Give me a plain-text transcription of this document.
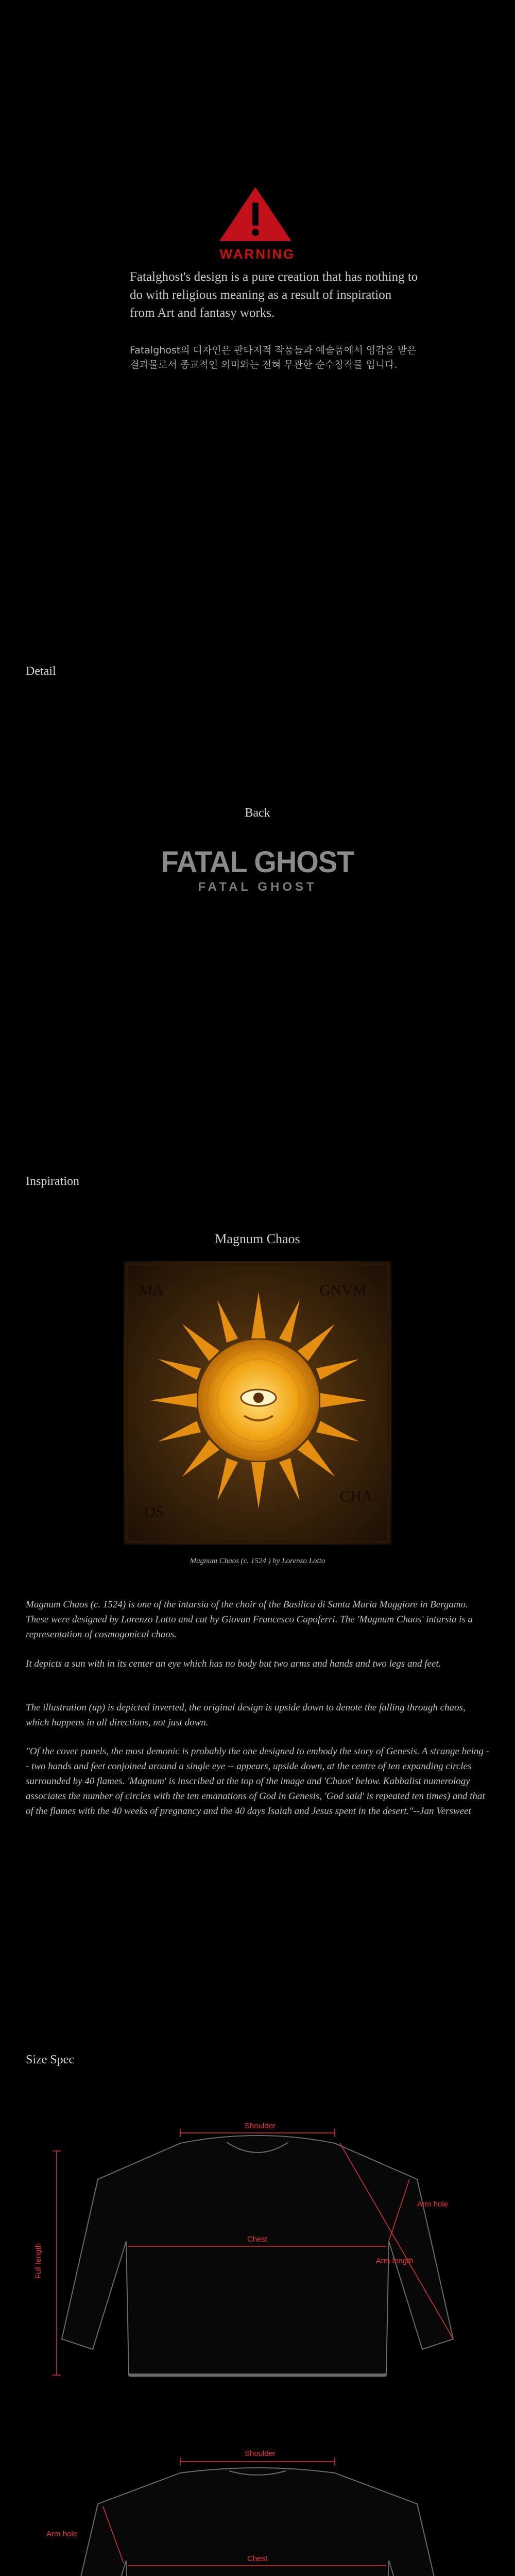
WARNING
Fatalghost's design is a pure creation that has nothing to do with religious meaning as a result of inspiration from Art and fantasy works.
Fatalghost의 디자인은 판타지적 작품들과 예술품에서 영감을 받은 결과물로서 종교적인 의미와는 전혀 무관한 순수창작물 입니다.
Detail
Back
FATAL GHOST
FATAL GHOST
Inspiration
Magnum Chaos
MA	GNVM
CHA
OS
Magnum Chaos (c. 1524 ) by Lorenzo Lotto
Magnum Chaos (c. 1524) is one of the intarsia of the choir of the Basilica di Santa Maria Maggiore in Bergamo. These were designed by Lorenzo Lotto and cut by Giovan Francesco Capoferri. The 'Magnum Chaos' intarsia is a representation of cosmogonical chaos.
It depicts a sun with in its center an eye which has no body but two arms and hands and two legs and feet.
The illustration (up) is depicted inverted, the original design is upside down to denote the falling through chaos, which happens in all directions, not just down.
"Of the cover panels, the most demonic is probably the one designed to embody the story of Genesis. A strange being -- two hands and feet conjoined around a single eye -- appears, upside down, at the centre of ten expanding circles surrounded by 40 flames. 'Magnum' is inscribed at the top of the image and 'Chaos' below. Kabbalist numerology associates the number of circles with the ten emanations of God in Genesis, 'God said' is repeated ten times) and that of the flames with the 40 weeks of pregnancy and the 40 days Isaiah and Jesus spent in the desert."--Jan Versweet
Size Spec
Shoulder
Chest
Arm hole
Arm length
Full length
Shoulder
Arm hole
Chest
